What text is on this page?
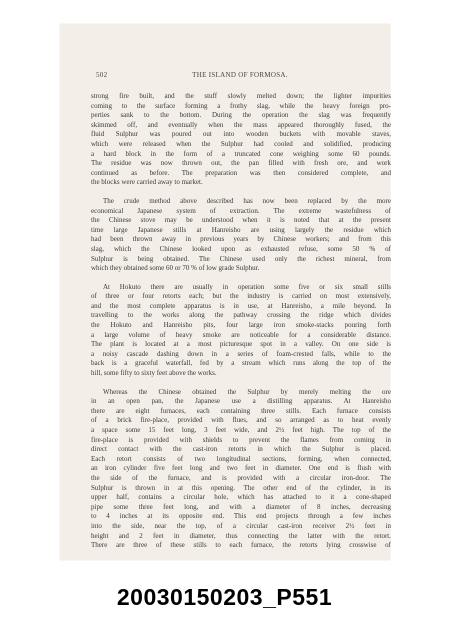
502	THE ISLAND OF FORMOSA.
strong fire built, and the stuff slowly melted down; the lighter impurities
coming to the surface forming a frothy slag, while the heavy foreign pro-
perties sank to the bottom. During the operation the slag was frequently
skimmed off, and eventually when the mass appeared thoroughly fused, the
fluid Sulphur was poured out into wooden buckets with movable staves,
which were released when the Sulphur had cooled and solidified, producing
a hard block in the form of a truncated cone weighing some 60 pounds.
The residue was now thrown out, the pan filled with fresh ore, and work
continued as before. The preparation was then considered complete, and
the blocks were carried away to market.
The crude method above described has now been replaced by the more
economical Japanese system of extraction. The extreme wastefulness of
the Chinese stove may be understood when it is noted that at the present
time large Japanese stills at Hanreisho are using largely the residue which
had been thrown away in previous years by Chinese workers; and from this
slag, which the Chinese looked upon as exhausted refuse, some 50 % of
Sulphur is being obtained. The Chinese used only the richest mineral, from
which they obtained some 60 or 70 % of low grade Sulphur.
At Hokuto there are usually in operation some five or six small stills
of three or four retorts each; but the industry is carried on most extensively,
and the most complete apparatus is in use, at Hanreisho, a mile beyond. In
travelling to the works along the pathway crossing the ridge which divides
the Hokuto and Hanreisho pits, four large iron smoke-stacks pouring forth
a large volume of heavy smoke are noticeable for a considerable distance.
The plant is located at a most picturesque spot in a valley. On one side is
a noisy cascade dashing down in a series of foam-crested falls, while to the
back is a graceful waterfall, fed by a stream which runs along the top of the
hill, some fifty to sixty feet above the works.
Whereas the Chinese obtained the Sulphur by merely melting the ore
in an open pan, the Japanese use a distilling apparatus. At Hanreisho
there are eight furnaces, each containing three stills. Each furnace consists
of a brick fire-place, provided with flues, and so arranged as to heat evenly
a space some 15 feet long, 3 feet wide, and 2½ feet high. The top of the
fire-place is provided with shields to prevent the flames from coming in
direct contact with the cast-iron retorts in which the Sulphur is placed.
Each retort consists of two longitudinal sections, forming, when connected,
an iron cylinder five feet long and two feet in diameter. One end is flush with
the side of the furnace, and is provided with a circular iron-door. The
Sulphur is thrown in at this opening. The other end of the cylinder, in its
upper half, contains a circular hole, which has attached to it a cone-shaped
pipe some three feet long, and with a diameter of 8 inches, decreasing
to 4 inches at its opposite end. This end projects through a few inches
into the side, near the top, of a circular cast-iron receiver 2½ feet in
height and 2 feet in diameter, thus connecting the latter with the retort.
There are three of these stills to each furnace, the retorts lying crosswise of
20030150203_P551
